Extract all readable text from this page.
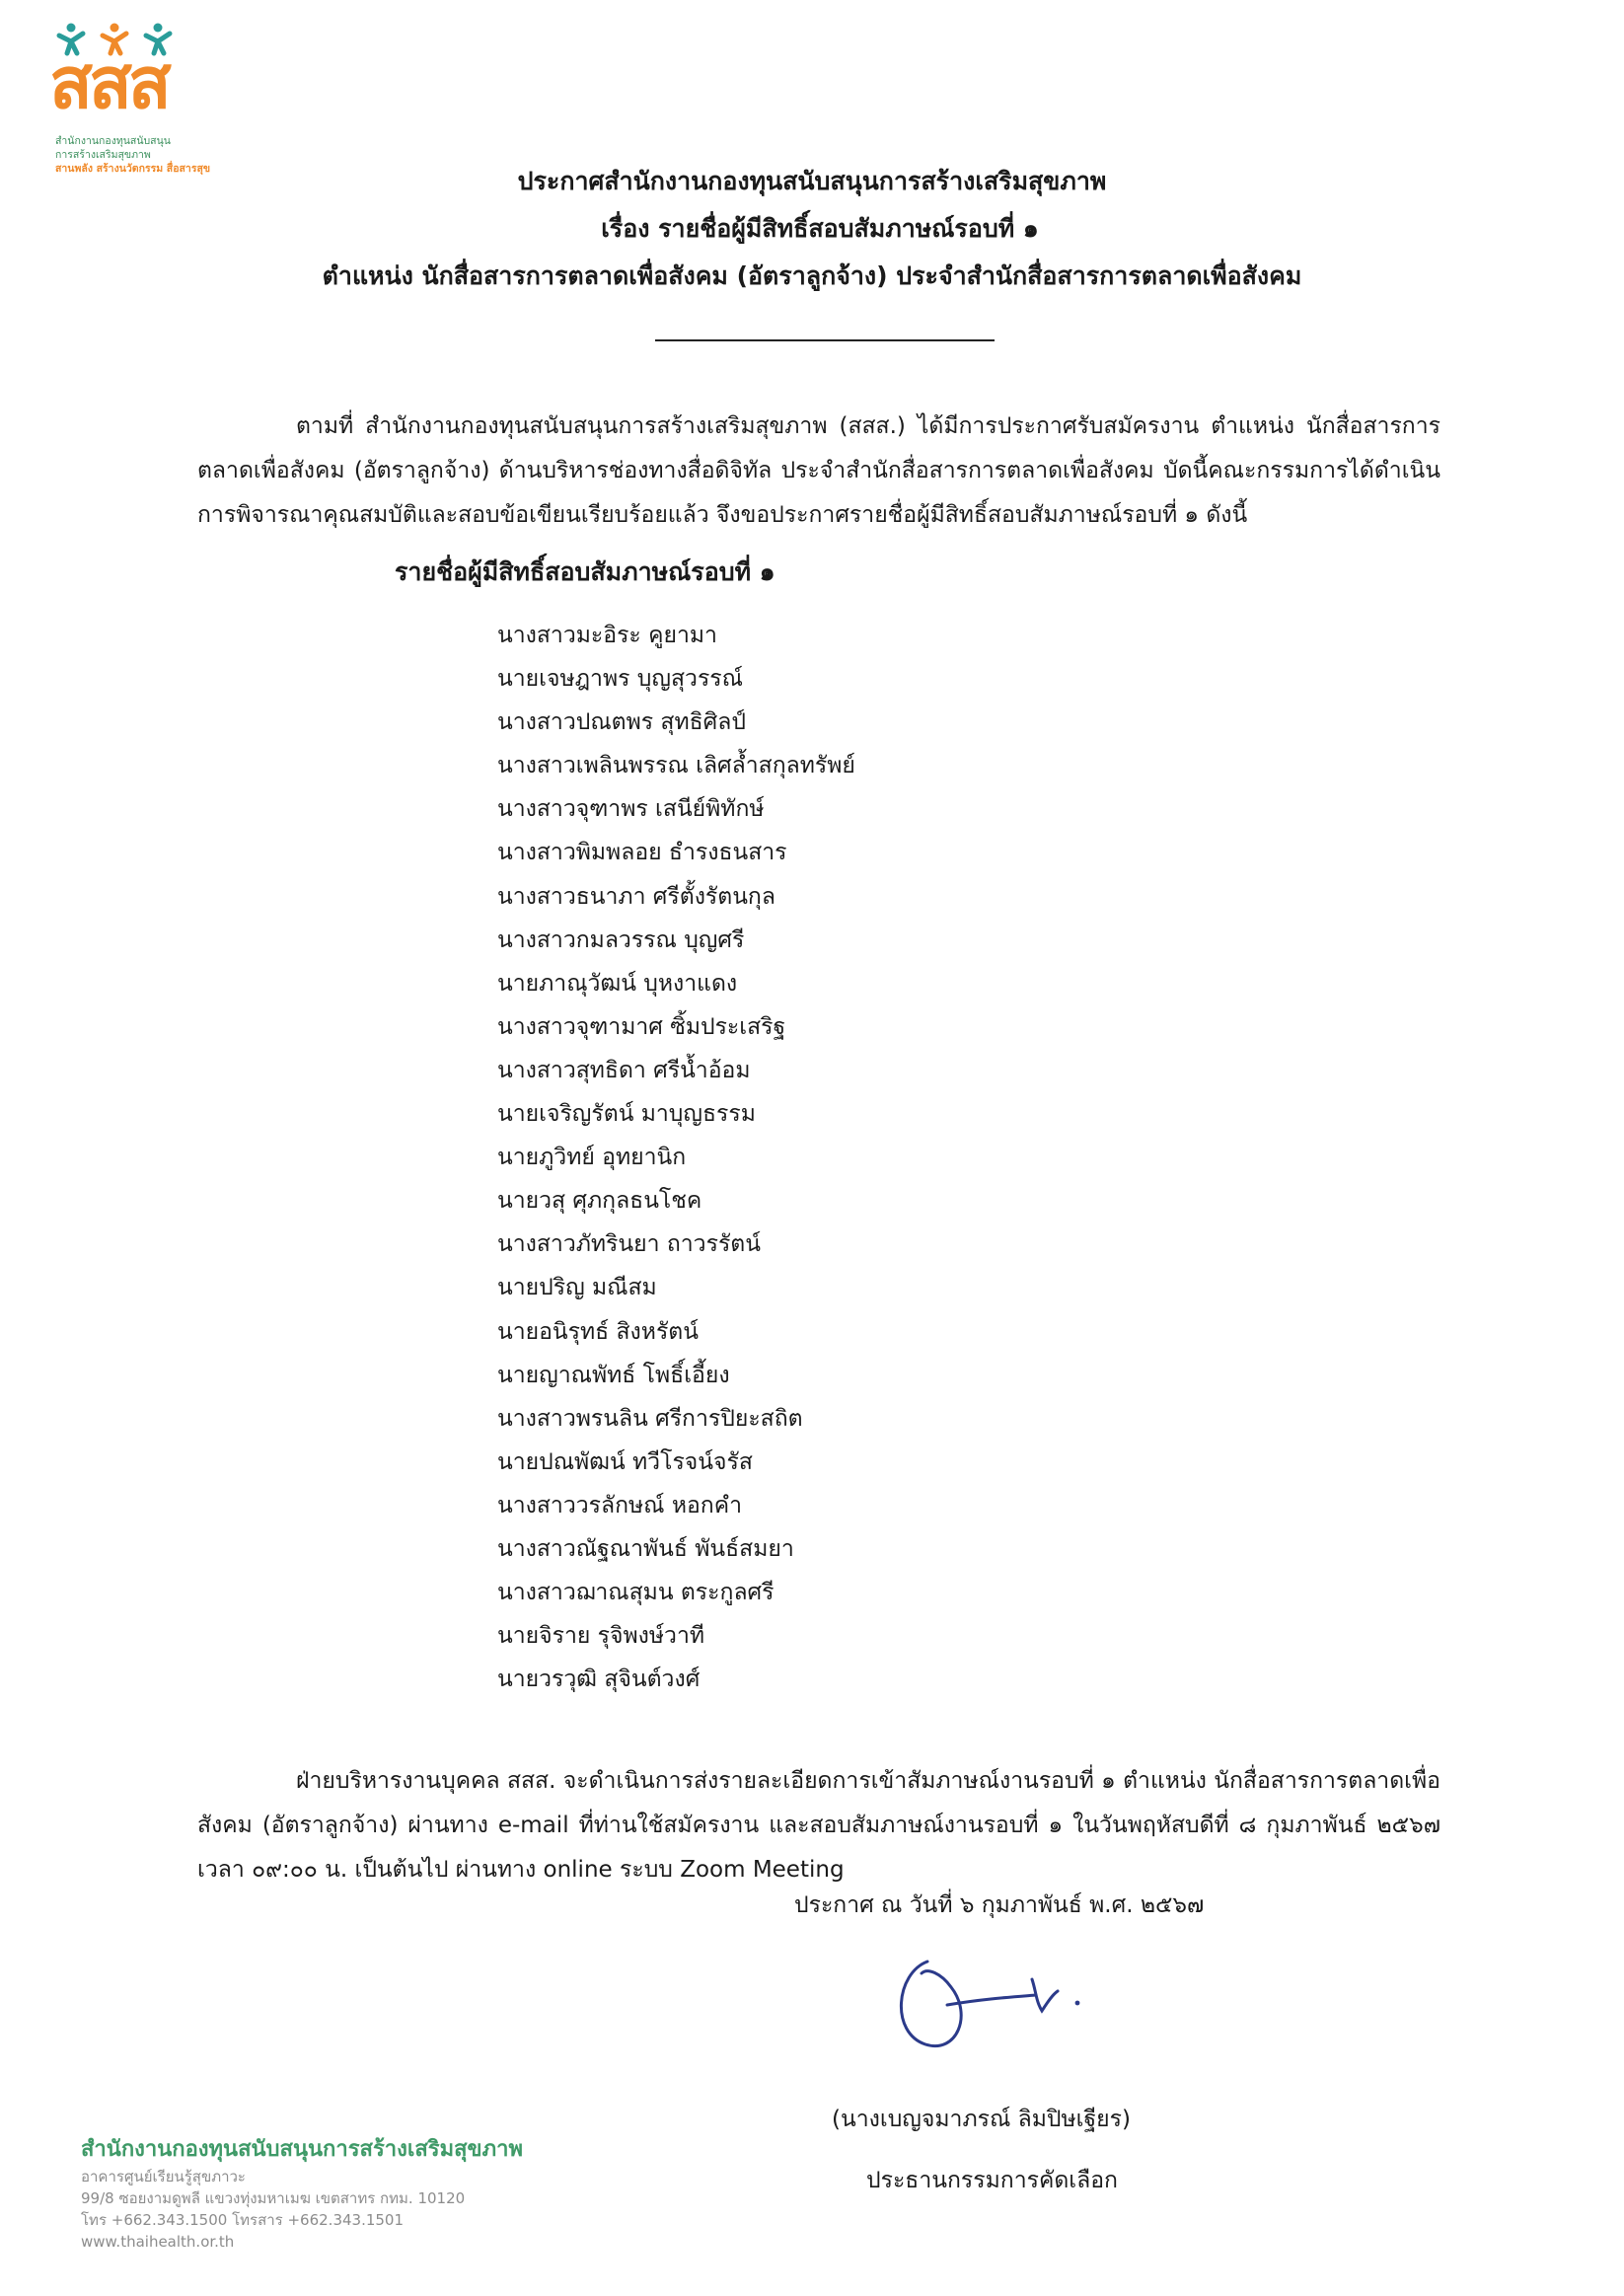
สสส
สำนักงานกองทุนสนับสนุน
การสร้างเสริมสุขภาพ
สานพลัง สร้างนวัตกรรม สื่อสารสุข	ประกาศสำนักงานกองทุนสนับสนุนการสร้างเสริมสุขภาพ
เรื่อง รายชื่อผู้มีสิทธิ์สอบสัมภาษณ์รอบที่ ๑
ตำแหน่ง นักสื่อสารการตลาดเพื่อสังคม (อัตราลูกจ้าง) ประจำสำนักสื่อสารการตลาดเพื่อสังคม

ตามที่ สำนักงานกองทุนสนับสนุนการสร้างเสริมสุขภาพ (สสส.) ได้มีการประกาศรับสมัครงาน ตำแหน่ง นักสื่อสารการตลาดเพื่อสังคม (อัตราลูกจ้าง) ด้านบริหารช่องทางสื่อดิจิทัล ประจำสำนักสื่อสารการตลาดเพื่อสังคม บัดนี้คณะกรรมการได้ดำเนินการพิจารณาคุณสมบัติและสอบข้อเขียนเรียบร้อยแล้ว จึงขอประกาศรายชื่อผู้มีสิทธิ์สอบสัมภาษณ์รอบที่ ๑ ดังนี้

รายชื่อผู้มีสิทธิ์สอบสัมภาษณ์รอบที่ ๑
นางสาวมะอิระ คูยามา
นายเจษฎาพร บุญสุวรรณ์
นางสาวปณตพร สุทธิศิลป์
นางสาวเพลินพรรณ เลิศล้ำสกุลทรัพย์
นางสาวจุฑาพร เสนีย์พิทักษ์
นางสาวพิมพลอย ธำรงธนสาร
นางสาวธนาภา ศรีตั้งรัตนกุล
นางสาวกมลวรรณ บุญศรี
นายภาณุวัฒน์ บุหงาแดง
นางสาวจุฑามาศ ซิ้มประเสริฐ
นางสาวสุทธิดา ศรีน้ำอ้อม
นายเจริญรัตน์ มาบุญธรรม
นายภูวิทย์ อุทยานิก
นายวสุ ศุภกุลธนโชค
นางสาวภัทรินยา ถาวรรัตน์
นายปริญ มณีสม
นายอนิรุทธ์ สิงหรัตน์
นายญาณพัทธ์ โพธิ์เอี้ยง
นางสาวพรนลิน ศรีการปิยะสถิต
นายปณพัฒน์ ทวีโรจน์จรัส
นางสาววรลักษณ์ หอกคำ
นางสาวณัฐณาพันธ์ พันธ์สมยา
นางสาวฌาณสุมน ตระกูลศรี
นายจิราย รุจิพงษ์วาที
นายวรวุฒิ สุจินต์วงศ์

ฝ่ายบริหารงานบุคคล สสส. จะดำเนินการส่งรายละเอียดการเข้าสัมภาษณ์งานรอบที่ ๑ ตำแหน่ง นักสื่อสารการตลาดเพื่อสังคม (อัตราลูกจ้าง) ผ่านทาง e-mail ที่ท่านใช้สมัครงาน และสอบสัมภาษณ์งานรอบที่ ๑ ในวันพฤหัสบดีที่ ๘ กุมภาพันธ์ ๒๕๖๗ เวลา ๐๙:๐๐ น. เป็นต้นไป ผ่านทาง online ระบบ Zoom Meeting

ประกาศ ณ วันที่ ๖ กุมภาพันธ์ พ.ศ. ๒๕๖๗
(นางเบญจมาภรณ์ ลิมปิษเฐียร)
ประธานกรรมการคัดเลือก
สำนักงานกองทุนสนับสนุนการสร้างเสริมสุขภาพ
อาคารศูนย์เรียนรู้สุขภาวะ
99/8 ซอยงามดูพลี แขวงทุ่งมหาเมฆ เขตสาทร กทม. 10120
โทร +662.343.1500 โทรสาร +662.343.1501
www.thaihealth.or.th
